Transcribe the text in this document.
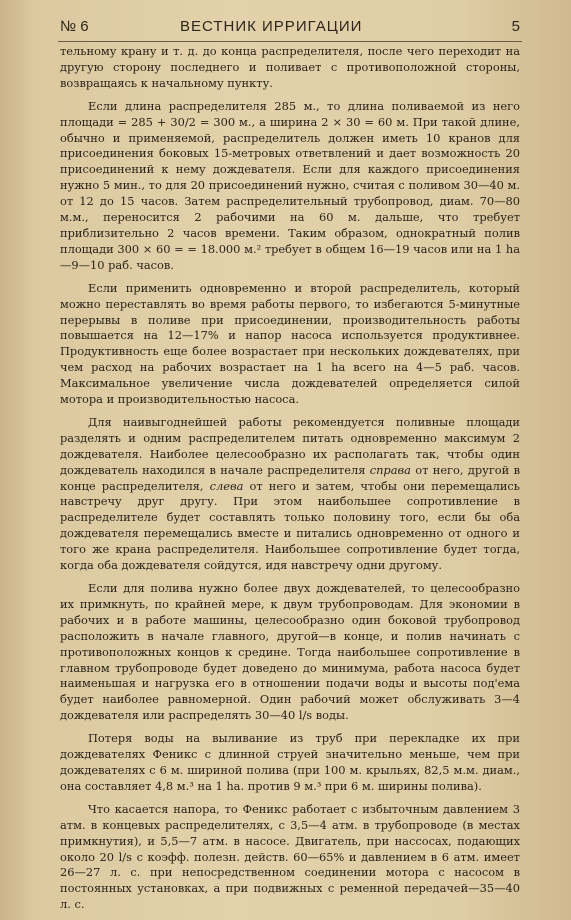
№ 6	ВЕСТНИК ИРРИГАЦИИ	5

тельному крану и т. д. до конца распределителя, после чего переходит на другую сторону последнего и поливает с противоположной стороны, возвращаясь к начальному пункту.

Если длина распределителя 285 м., то длина поливаемой из него площади = 285 + 30/2 = 300 м., а ширина 2 × 30 = 60 м. При такой длине, обычно и применяемой, распределитель должен иметь 10 кранов для присоединения боковых 15-метровых ответвлений и дает возможность 20 присоединений к нему дождевателя. Если для каждого присоединения нужно 5 мин., то для 20 присоединений нужно, считая с поливом 30—40 м. от 12 до 15 часов. Затем распределительный трубопровод, диам. 70—80 м.м., переносится 2 рабочими на 60 м. дальше, что требует приблизительно 2 часов времени. Таким образом, однократный полив площади 300 × 60 = = 18.000 м.² требует в общем 16—19 часов или на 1 ha—9—10 раб. часов.

Если применить одновременно и второй распределитель, который можно переставлять во время работы первого, то избегаются 5-минутные перерывы в поливе при присоединении, производительность работы повышается на 12—17% и напор насоса используется продуктивнее. Продуктивность еще более возрастает при нескольких дождевателях, при чем расход на рабочих возрастает на 1 ha всего на 4—5 раб. часов. Максимальное увеличение числа дождевателей определяется силой мотора и производительностью насоса.

Для наивыгоднейшей работы рекомендуется поливные площади разделять и одним распределителем питать одновременно максимум 2 дождевателя. Наиболее целесообразно их располагать так, чтобы один дождеватель находился в начале распределителя справа от него, другой в конце распределителя, слева от него и затем, чтобы они перемещались навстречу друг другу. При этом наибольшее сопротивление в распределителе будет составлять только половину того, если бы оба дождевателя перемещались вместе и питались одновременно от одного и того же крана распределителя. Наибольшее сопротивление будет тогда, когда оба дождевателя сойдутся, идя навстречу одни другому.

Если для полива нужно более двух дождевателей, то целесообразно их примкнуть, по крайней мере, к двум трубопроводам. Для экономии в рабочих и в работе машины, целесообразно один боковой трубопровод расположить в начале главного, другой—в конце, и полив начинать с противоположных концов к средине. Тогда наибольшее сопротивление в главном трубопроводе будет доведено до минимума, работа насоса будет наименьшая и нагрузка его в отношении подачи воды и высоты под'ема будет наиболее равномерной. Один рабочий может обслуживать 3—4 дождевателя или распределять 30—40 l/s воды.

Потеря воды на выливание из труб при перекладке их при дождевателях Феникс с длинной струей значительно меньше, чем при дождевателях с 6 м. шириной полива (при 100 м. крыльях, 82,5 м.м. диам., она составляет 4,8 м.³ на 1 ha. против 9 м.³ при 6 м. ширины полива).

Что касается напора, то Феникс работает с избыточным давлением 3 атм. в концевых распределителях, с 3,5—4 атм. в трубопроводе (в местах примкнутия), и 5,5—7 атм. в насосе. Двигатель, при нассосах, подающих около 20 l/s с коэфф. полезн. действ. 60—65% и давлением в 6 атм. имеет 26—27 л. с. при непосредственном соединении мотора с насосом в постоянных установках, а при подвижных с ременной передачей—35—40 л. с.
